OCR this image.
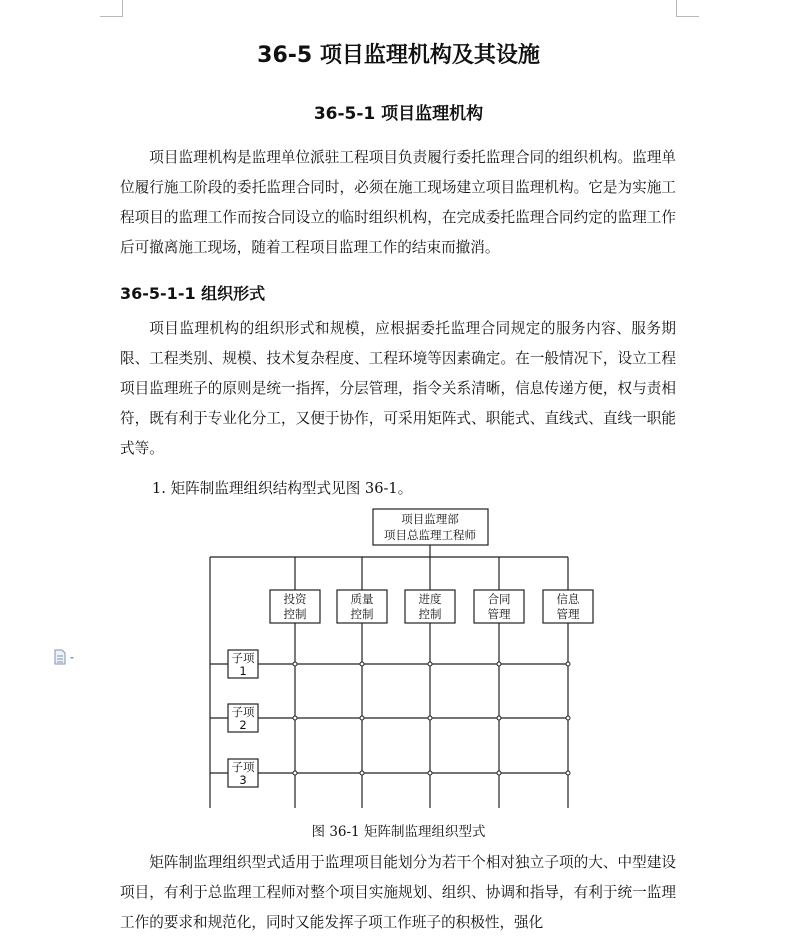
36-5 项目监理机构及其设施
36-5-1 项目监理机构
项目监理机构是监理单位派驻工程项目负责履行委托监理合同的组织机构。监理单位履行施工阶段的委托监理合同时，必须在施工现场建立项目监理机构。它是为实施工程项目的监理工作而按合同设立的临时组织机构，在完成委托监理合同约定的监理工作后可撤离施工现场，随着工程项目监理工作的结束而撤消。
36-5-1-1 组织形式
项目监理机构的组织形式和规模，应根据委托监理合同规定的服务内容、服务期限、工程类别、规模、技术复杂程度、工程环境等因素确定。在一般情况下，设立工程项目监理班子的原则是统一指挥，分层管理，指令关系清晰，信息传递方便，权与责相符，既有利于专业化分工，又便于协作，可采用矩阵式、职能式、直线式、直线一职能式等。
1. 矩阵制监理组织结构型式见图 36-1。
项目监理部
项目总监理工程师
投资
控制
质量
控制
进度
控制
合同
管理
信息
管理
子项
1
子项
2
子项
3
图 36-1 矩阵制监理组织型式
矩阵制监理组织型式适用于监理项目能划分为若干个相对独立子项的大、中型建设项目，有利于总监理工程师对整个项目实施规划、组织、协调和指导，有利于统一监理工作的要求和规范化，同时又能发挥子项工作班子的积极性，强化
